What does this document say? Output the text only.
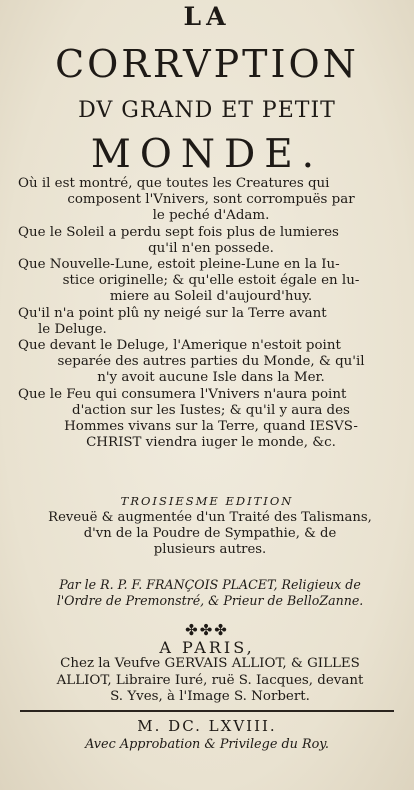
LA
CORRVPTION
DV GRAND ET PETIT
MONDE.
Où il est montré, que toutes les Creatures qui
composent l'Vnivers, sont corrompuës par
le peché d'Adam.
Que le Soleil a perdu sept fois plus de lumieres
qu'il n'en possede.
Que Nouvelle-Lune, estoit pleine-Lune en la Iu-
stice originelle; & qu'elle estoit égale en lu-
miere au Soleil d'aujourd'huy.
Qu'il n'a point plû ny neigé sur la Terre avant
le Deluge.
Que devant le Deluge, l'Amerique n'estoit point
separée des autres parties du Monde, & qu'il
n'y avoit aucune Isle dans la Mer.
Que le Feu qui consumera l'Vnivers n'aura point
d'action sur les Iustes; & qu'il y aura des
Hommes vivans sur la Terre, quand IESVS-
CHRIST viendra iuger le monde, &c.
TROISIESME EDITION
Reveuë & augmentée d'un Traité des Talismans,
d'vn de la Poudre de Sympathie, & de
plusieurs autres.
Par le R. P. F. FRANÇOIS PLACET, Religieux de
l'Ordre de Premonstré, & Prieur de BelloZanne.
✤✤✤
A PARIS,
Chez la Veufve GERVAIS ALLIOT, & GILLES
ALLIOT, Libraire Iuré, ruë S. Iacques, devant
S. Yves, à l'Image S. Norbert.
M. DC. LXVIII.
Avec Approbation & Privilege du Roy.
